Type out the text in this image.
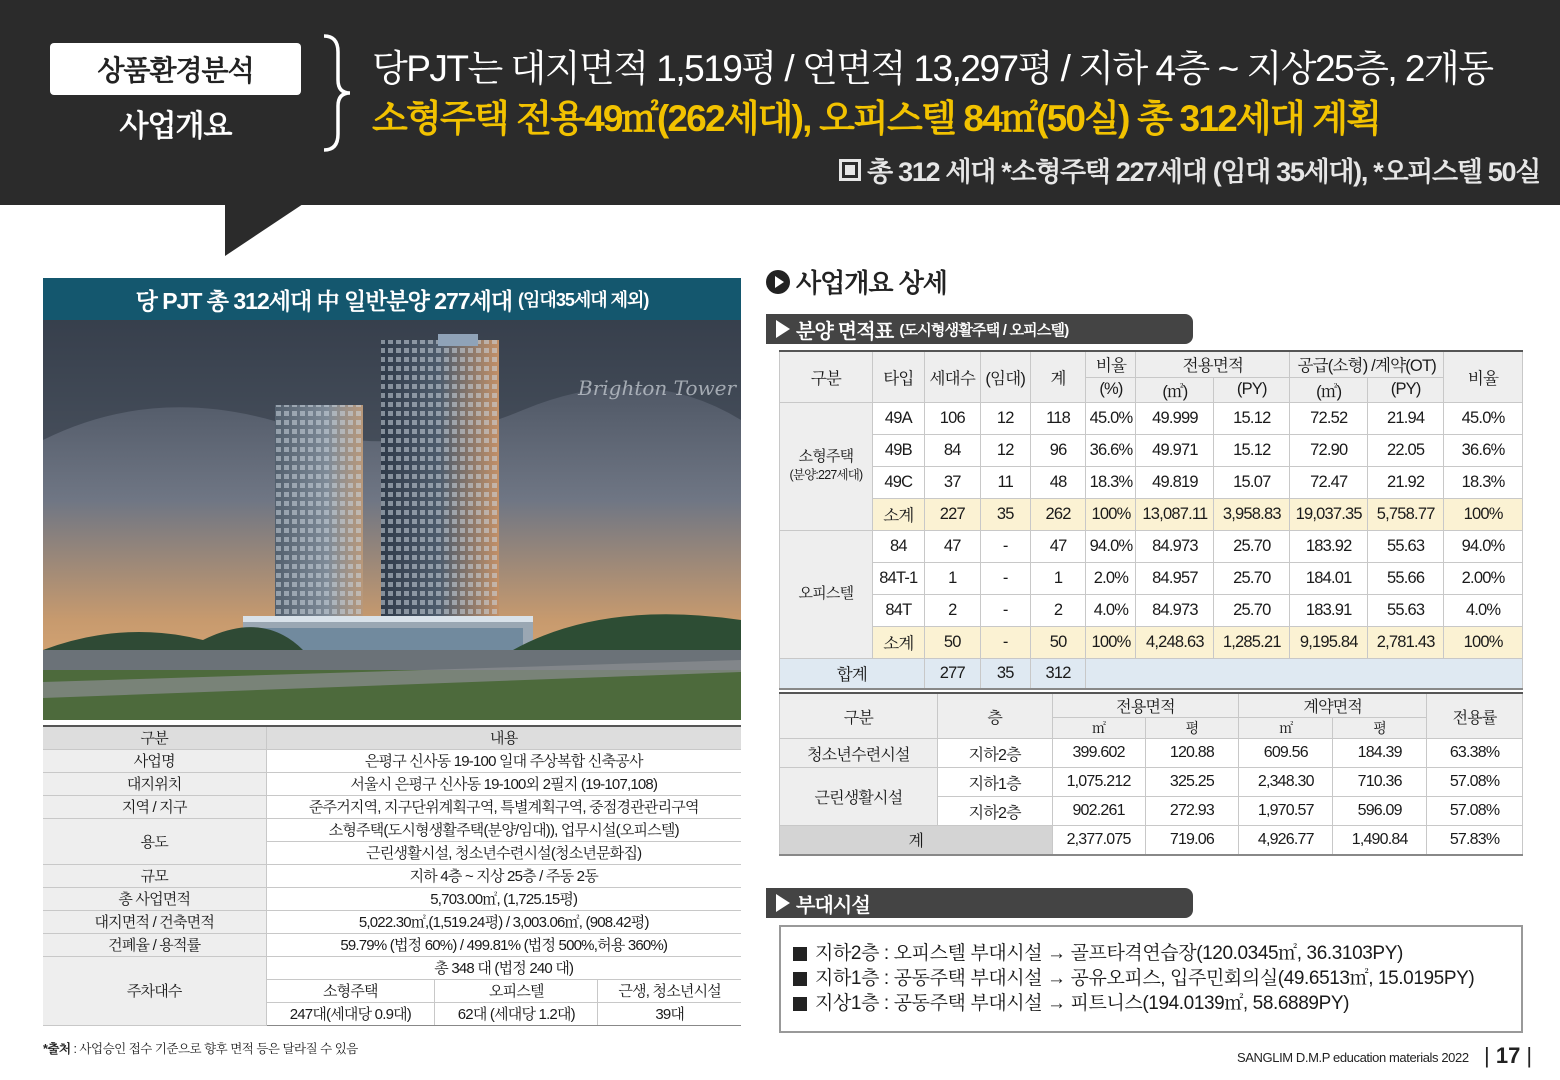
상품환경분석
사업개요
당PJT는 대지면적 1,519평 / 연면적 13,297평 / 지하 4층 ~ 지상25층, 2개동
소형주택 전용49㎡(262세대), 오피스텔 84㎡(50실) 총 312세대 계획
총 312 세대 *소형주택 227세대 (임대 35세대), *오피스텔 50실
당 PJT 총 312세대 中 일반분양 277세대 (임대35세대 제외)
Brighton Tower
구분	내용		
사업명	은평구 신사동 19-100 일대 주상복합 신축공사		
대지위치	서울시 은평구 신사동 19-100외 2필지 (19-107,108)		
지역 / 지구	준주거지역, 지구단위계획구역, 특별계획구역, 중점경관관리구역		
용도	소형주택(도시형생활주택(분양/임대)), 업무시설(오피스텔)		
	근린생활시설, 청소년수련시설(청소년문화집)		
규모	지하 4층 ~ 지상 25층 / 주동 2동		
총 사업면적	5,703.00㎡, (1,725.15평)		
대지면적 / 건축면적	5,022.30㎡,(1,519.24평) / 3,003.06㎡, (908.42평)		
건폐율 / 용적률	59.79% (법정 60%) / 499.81% (법정 500%,허용 360%)		
주차대수	총 348 대 (법정 240 대)		
	소형주택	오피스텔	근생, 청소년시설
	247대(세대당 0.9대)	62대 (세대당 1.2대)	39대
*출처 : 사업승인 접수 기준으로 향후 면적 등은 달라질 수 있음
사업개요 상세
분양 면적표 (도시형생활주택 / 오피스텔)
구분	타입	세대수	(임대)	계	비율	전용면적		공급(소형) /계약(OT)		비율
					(%)	(㎡)	(PY)	(㎡)	(PY)	
소형주택
(분양:227세대)	49A	106	12	118	45.0%	49.999	15.12	72.52	21.94	45.0%
	49B	84	12	96	36.6%	49.971	15.12	72.90	22.05	36.6%
	49C	37	11	48	18.3%	49.819	15.07	72.47	21.92	18.3%
	소계	227	35	262	100%	13,087.11	3,958.83	19,037.35	5,758.77	100%
오피스텔	84	47	-	47	94.0%	84.973	25.70	183.92	55.63	94.0%
	84T-1	1	-	1	2.0%	84.957	25.70	184.01	55.66	2.00%
	84T	2	-	2	4.0%	84.973	25.70	183.91	55.63	4.0%
	소계	50	-	50	100%	4,248.63	1,285.21	9,195.84	2,781.43	100%
합계		277	35	312						
구분	층	전용면적		계약면적		전용률
		㎡	평	㎡	평	
청소년수련시설	지하2층	399.602	120.88	609.56	184.39	63.38%
근린생활시설	지하1층	1,075.212	325.25	2,348.30	710.36	57.08%
	지하2층	902.261	272.93	1,970.57	596.09	57.08%
계		2,377.075	719.06	4,926.77	1,490.84	57.83%
부대시설
지하2층 : 오피스텔 부대시설 → 골프타격연습장(120.0345㎡, 36.3103PY)
지하1층 : 공동주택 부대시설 → 공유오피스, 입주민회의실(49.6513㎡, 15.0195PY)
지상1층 : 공동주택 부대시설 → 피트니스(194.0139㎡, 58.6889PY)
SANGLIM D.M.P education materials 2022 | 17 |
